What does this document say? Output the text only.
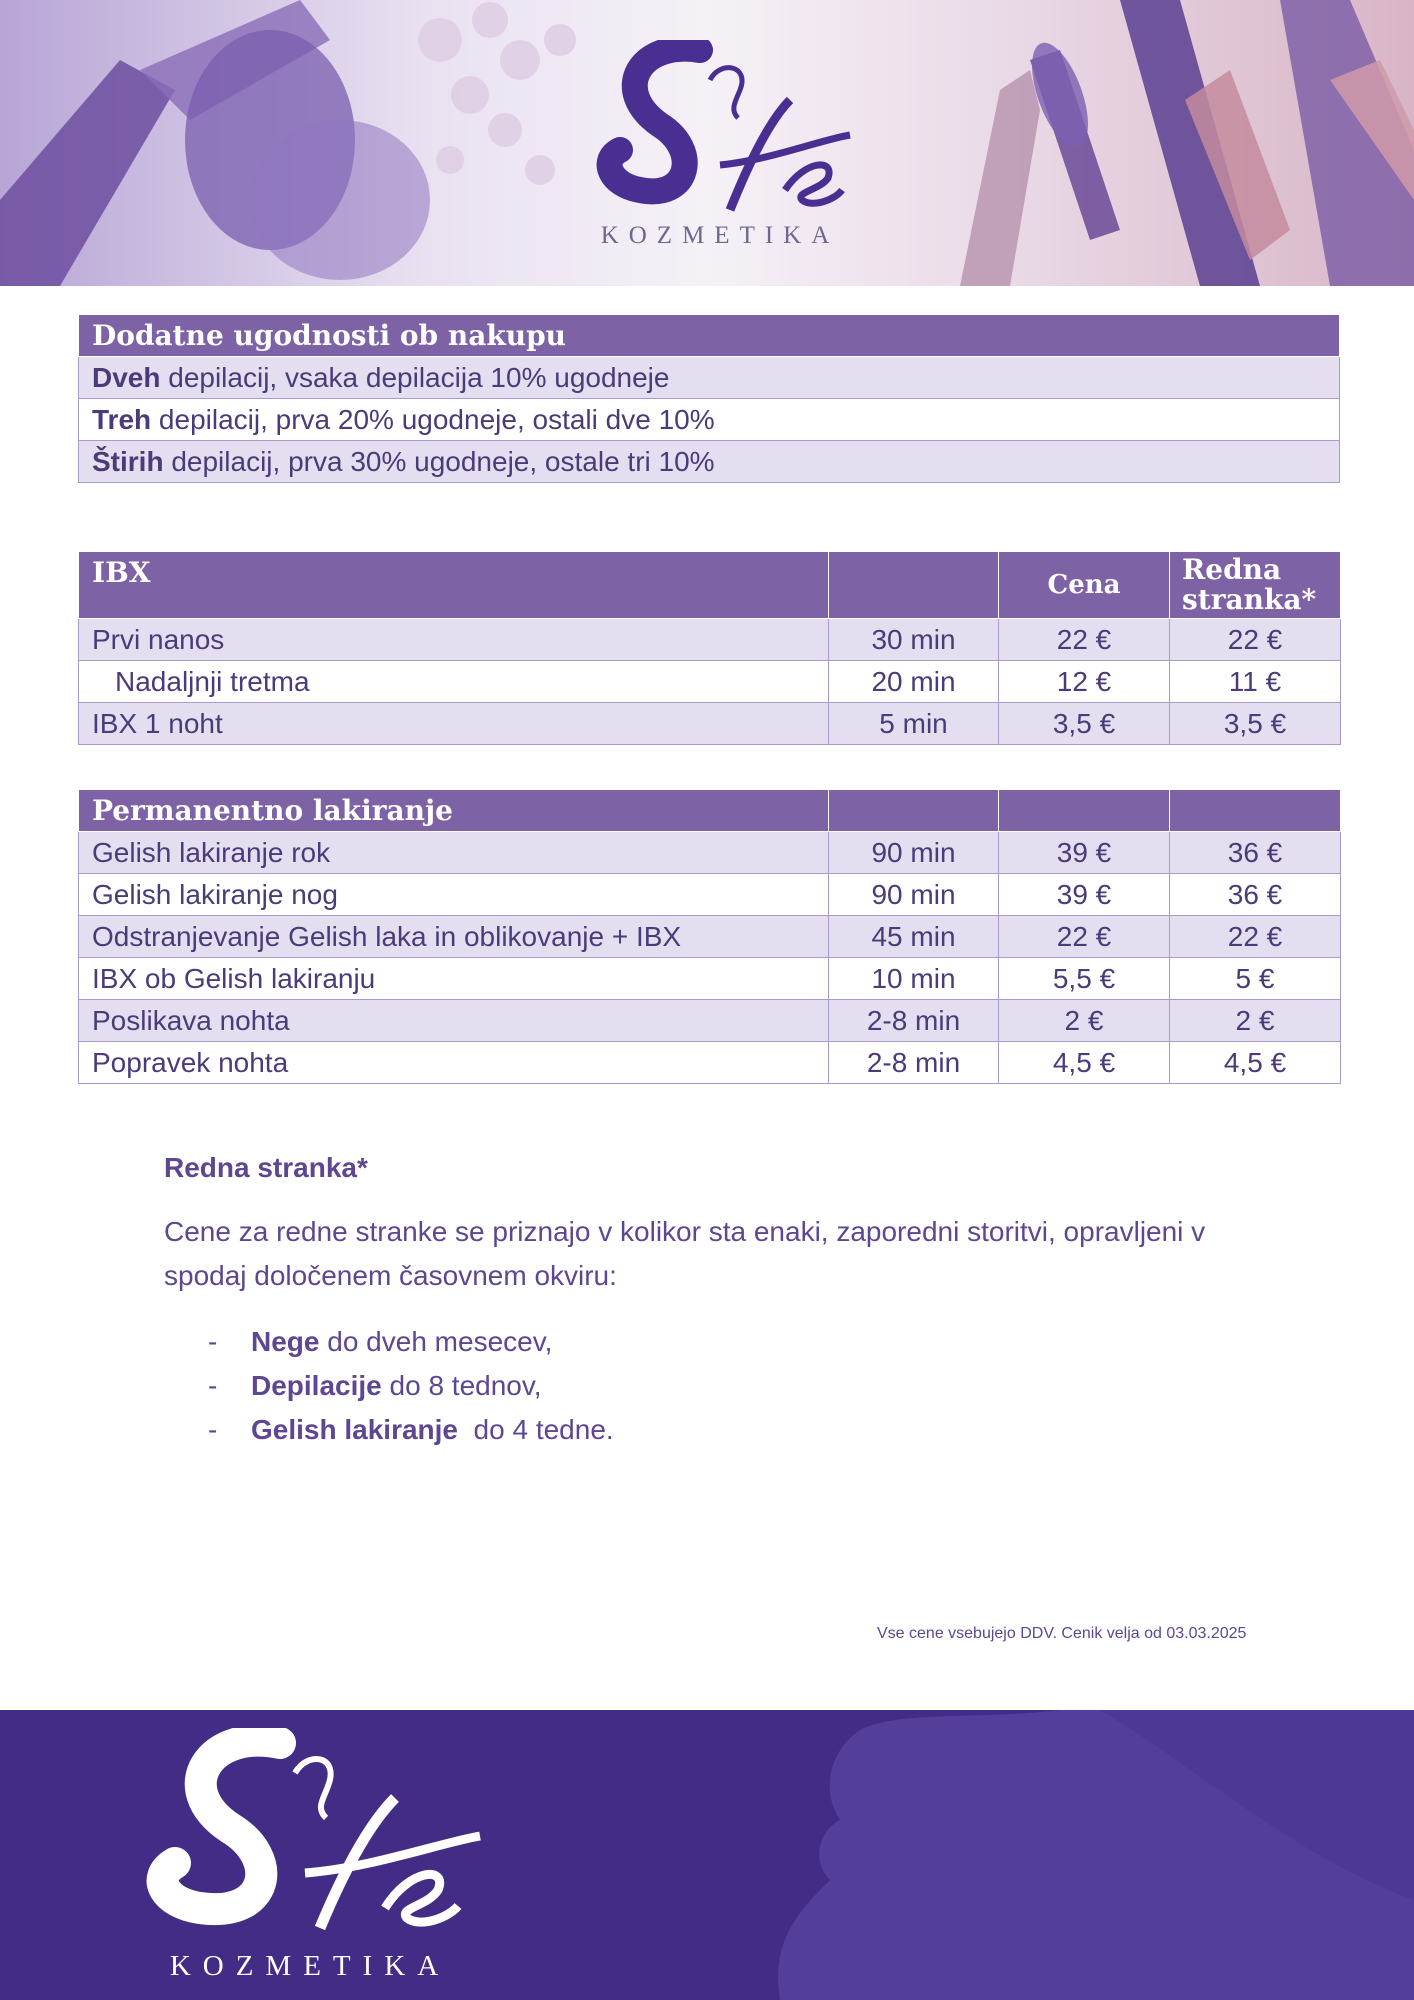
KOZMETIKA
Dodatne ugodnosti ob nakupu
Dveh depilacij, vsaka depilacija 10% ugodneje
Treh depilacij, prva 20% ugodneje, ostali dve 10%
Štirih depilacij, prva 30% ugodneje, ostale tri 10%
IBX		Cena	Redna
stranka*

Prvi nanos	30 min	22 €	22 €
Nadaljnji tretma	20 min	12 €	11 €
IBX 1 noht	5 min	3,5 €	3,5 €
Permanentno lakiranje			
Gelish lakiranje rok	90 min	39 €	36 €
Gelish lakiranje nog	90 min	39 €	36 €
Odstranjevanje Gelish laka in oblikovanje + IBX	45 min	22 €	22 €
IBX ob Gelish lakiranju	10 min	5,5 €	5 €
Poslikava nohta	2-8 min	2 €	2 €
Popravek nohta	2-8 min	4,5 €	4,5 €
Redna stranka*

Cene za redne stranke se priznajo v kolikor sta enaki, zaporedni storitvi, opravljeni v spodaj določenem časovnem okviru:

- Nege do dveh mesecev,
- Depilacije do 8 tednov,
- Gelish lakiranje  do 4 tedne.
Vse cene vsebujejo DDV. Cenik velja od 03.03.2025
KOZMETIKA
